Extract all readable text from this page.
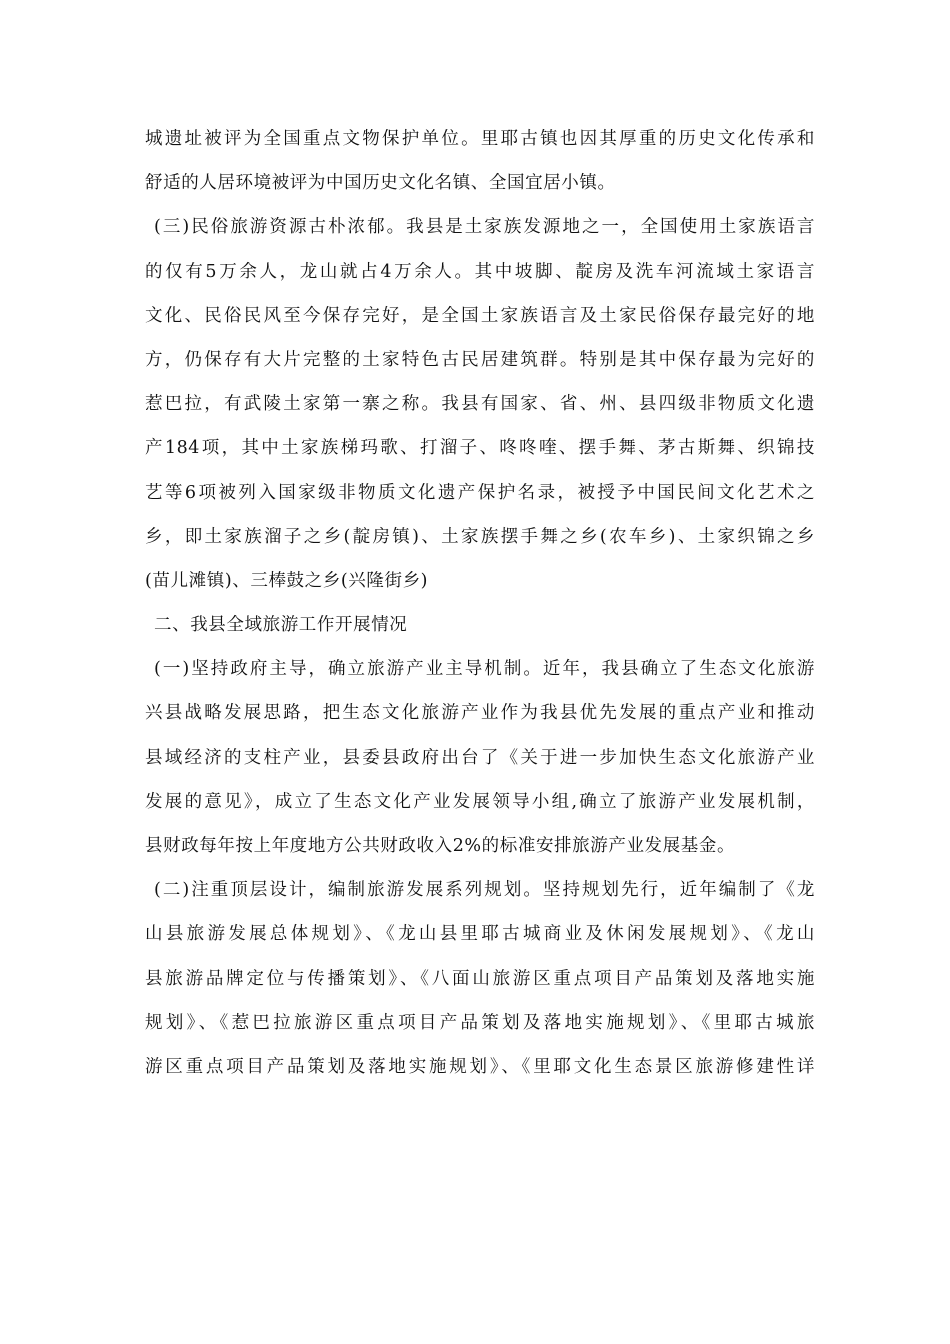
城遗址被评为全国重点文物保护单位。里耶古镇也因其厚重的历史文化传承和
舒适的人居环境被评为中国历史文化名镇、全国宜居小镇。
(三)民俗旅游资源古朴浓郁。我县是土家族发源地之一，全国使用土家族语言
的仅有5万余人，龙山就占4万余人。其中坡脚、靛房及洗车河流域土家语言
文化、民俗民风至今保存完好，是全国土家族语言及土家民俗保存最完好的地
方，仍保存有大片完整的土家特色古民居建筑群。特别是其中保存最为完好的
惹巴拉，有武陵土家第一寨之称。我县有国家、省、州、县四级非物质文化遗
产184项，其中土家族梯玛歌、打溜子、咚咚喹、摆手舞、茅古斯舞、织锦技
艺等6项被列入国家级非物质文化遗产保护名录，被授予中国民间文化艺术之
乡，即土家族溜子之乡(靛房镇)、土家族摆手舞之乡(农车乡)、土家织锦之乡
(苗儿滩镇)、三棒鼓之乡(兴隆街乡)
二、我县全域旅游工作开展情况
(一)坚持政府主导，确立旅游产业主导机制。近年，我县确立了生态文化旅游
兴县战略发展思路，把生态文化旅游产业作为我县优先发展的重点产业和推动
县域经济的支柱产业，县委县政府出台了《关于进一步加快生态文化旅游产业
发展的意见》，成立了生态文化产业发展领导小组,确立了旅游产业发展机制，
县财政每年按上年度地方公共财政收入2%的标准安排旅游产业发展基金。
(二)注重顶层设计，编制旅游发展系列规划。坚持规划先行，近年编制了《龙
山县旅游发展总体规划》、《龙山县里耶古城商业及休闲发展规划》、《龙山
县旅游品牌定位与传播策划》、《八面山旅游区重点项目产品策划及落地实施
规划》、《惹巴拉旅游区重点项目产品策划及落地实施规划》、《里耶古城旅
游区重点项目产品策划及落地实施规划》、《里耶文化生态景区旅游修建性详
